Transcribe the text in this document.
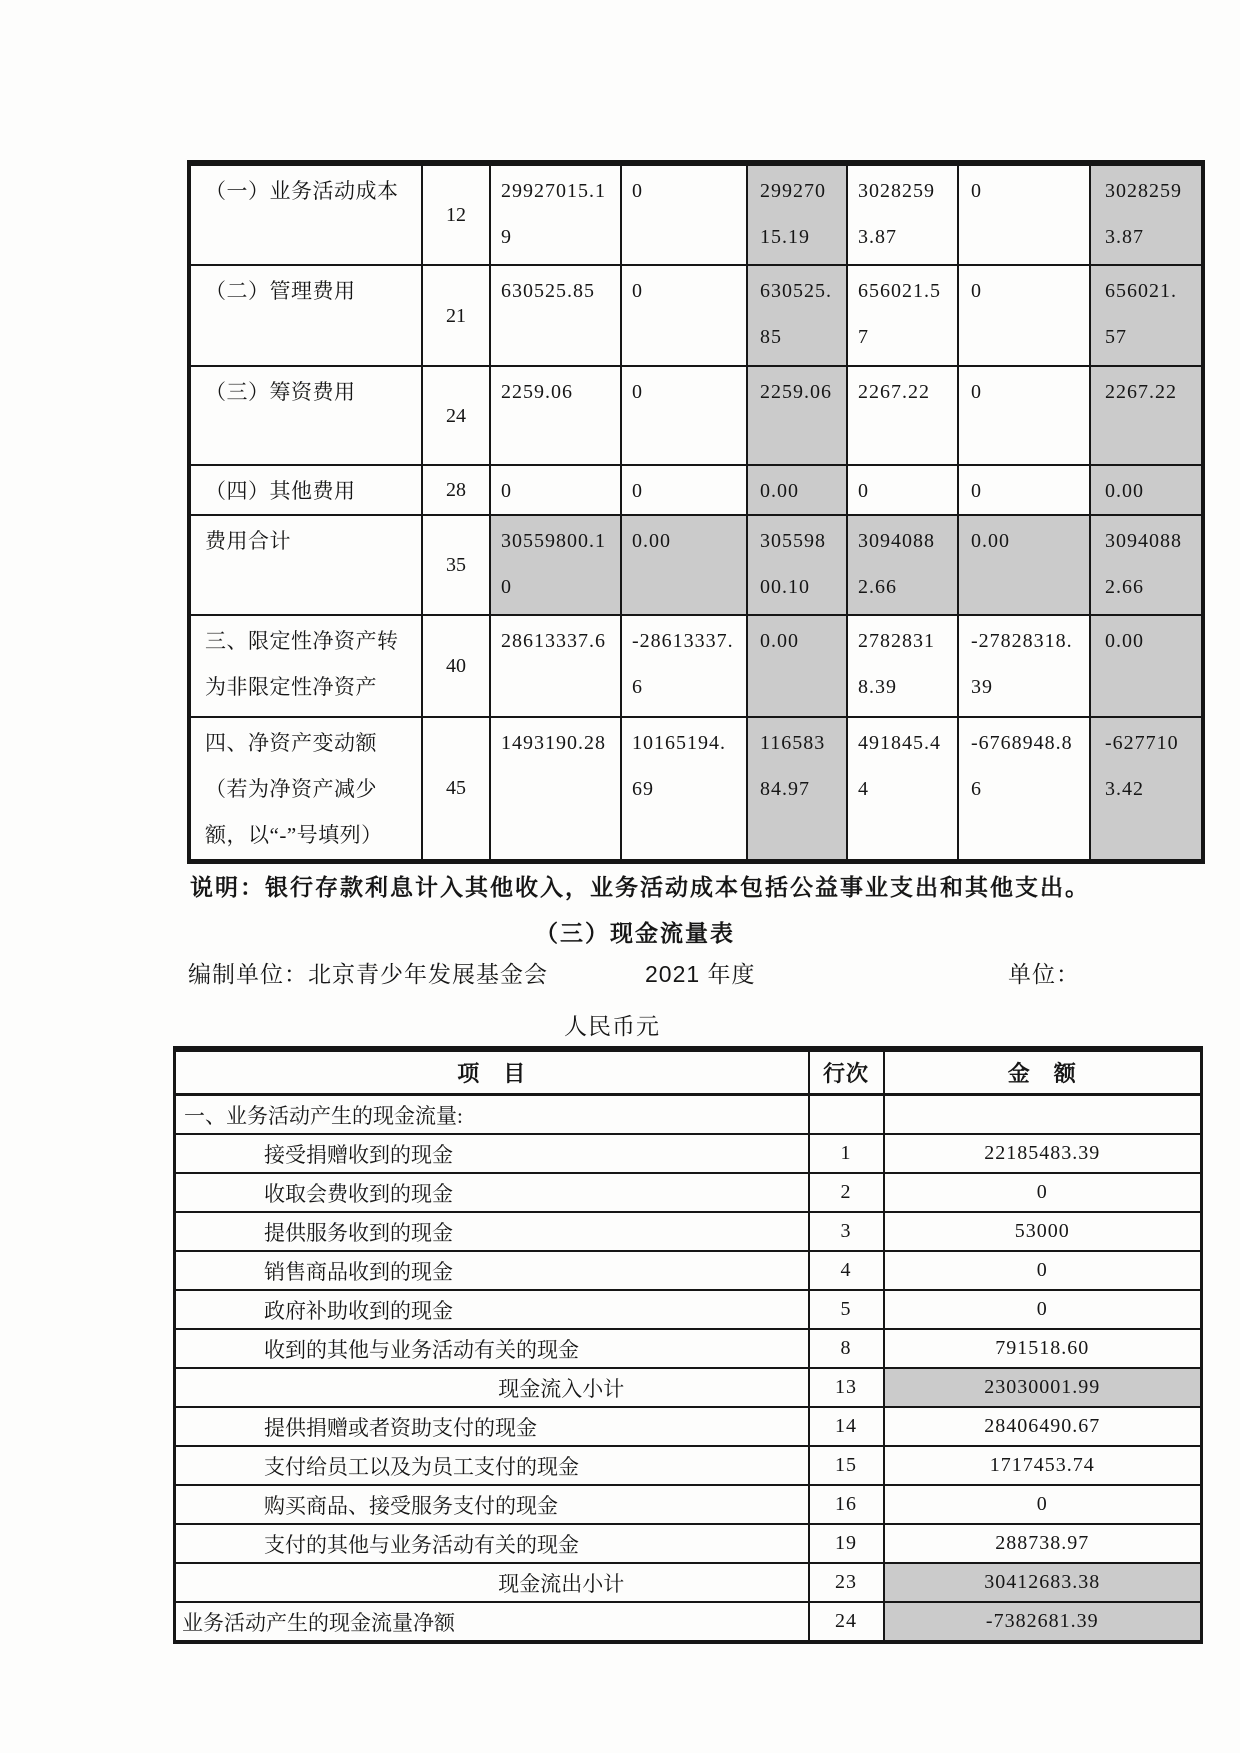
（一）业务活动成本	12	29927015.19	0	29927015.19	30282593.87	0	30282593.87
（二）管理费用	21	630525.85	0	630525.85	656021.57	0	656021.57
（三）筹资费用	24	2259.06	0	2259.06	2267.22	0	2267.22
（四）其他费用	28	0	0	0.00	0	0	0.00
费用合计	35	30559800.10	0.00	30559800.10	30940882.66	0.00	30940882.66
三、限定性净资产转为非限定性净资产	40	28613337.6	-28613337.6	0.00	27828318.39	-27828318.39	0.00
四、净资产变动额（若为净资产减少额，以“-”号填列）	45	1493190.28	10165194.69	11658384.97	491845.44	-6768948.86	-6277103.42
说明：银行存款利息计入其他收入，业务活动成本包括公益事业支出和其他支出。
（三）现金流量表
编制单位：北京青少年发展基金会	2021 年度	单位：
人民币元
项　目	行次	金　额
一、业务活动产生的现金流量:		
接受捐赠收到的现金	1	22185483.39
收取会费收到的现金	2	0
提供服务收到的现金	3	53000
销售商品收到的现金	4	0
政府补助收到的现金	5	0
收到的其他与业务活动有关的现金	8	791518.60
现金流入小计	13	23030001.99
提供捐赠或者资助支付的现金	14	28406490.67
支付给员工以及为员工支付的现金	15	1717453.74
购买商品、接受服务支付的现金	16	0
支付的其他与业务活动有关的现金	19	288738.97
现金流出小计	23	30412683.38
业务活动产生的现金流量净额	24	-7382681.39
